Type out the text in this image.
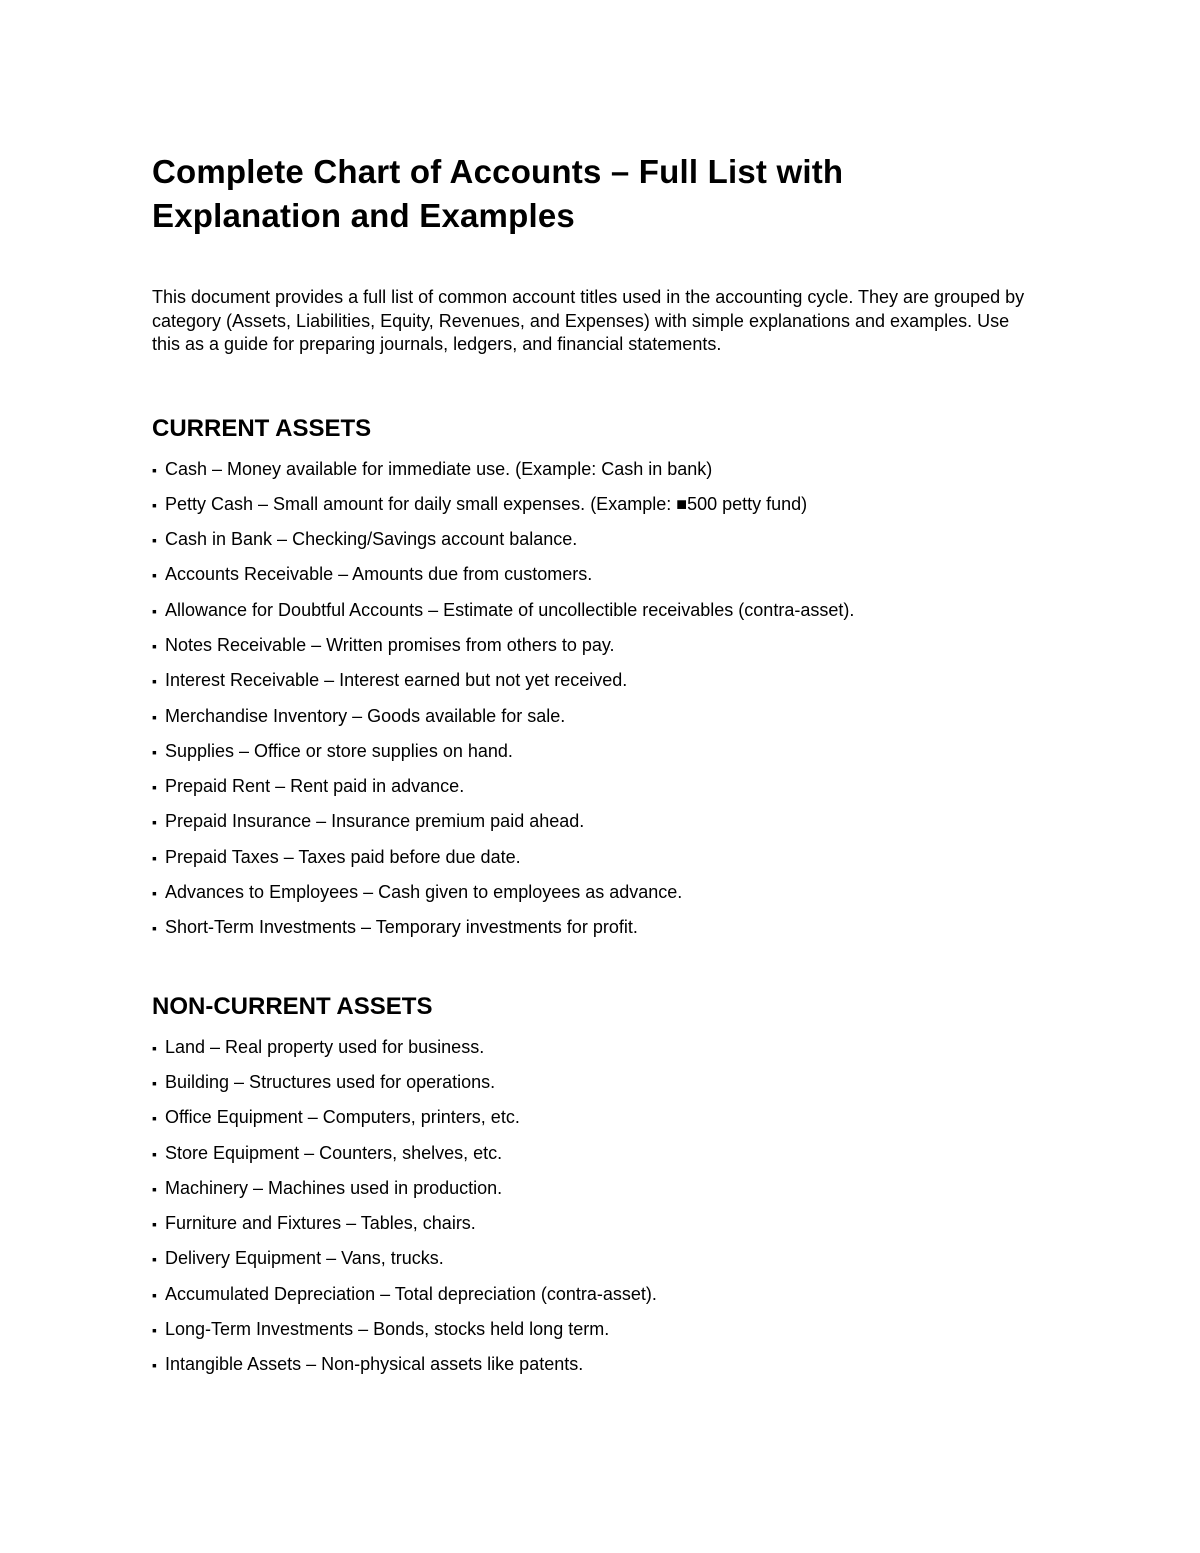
Complete Chart of Accounts – Full List with
Explanation and Examples

This document provides a full list of common account titles used in the accounting cycle. They are grouped by category (Assets, Liabilities, Equity, Revenues, and Expenses) with simple explanations and examples. Use this as a guide for preparing journals, ledgers, and financial statements.

CURRENT ASSETS
▪ Cash – Money available for immediate use. (Example: Cash in bank)
▪ Petty Cash – Small amount for daily small expenses. (Example: ■500 petty fund)
▪ Cash in Bank – Checking/Savings account balance.
▪ Accounts Receivable – Amounts due from customers.
▪ Allowance for Doubtful Accounts – Estimate of uncollectible receivables (contra-asset).
▪ Notes Receivable – Written promises from others to pay.
▪ Interest Receivable – Interest earned but not yet received.
▪ Merchandise Inventory – Goods available for sale.
▪ Supplies – Office or store supplies on hand.
▪ Prepaid Rent – Rent paid in advance.
▪ Prepaid Insurance – Insurance premium paid ahead.
▪ Prepaid Taxes – Taxes paid before due date.
▪ Advances to Employees – Cash given to employees as advance.
▪ Short-Term Investments – Temporary investments for profit.
NON-CURRENT ASSETS
▪ Land – Real property used for business.
▪ Building – Structures used for operations.
▪ Office Equipment – Computers, printers, etc.
▪ Store Equipment – Counters, shelves, etc.
▪ Machinery – Machines used in production.
▪ Furniture and Fixtures – Tables, chairs.
▪ Delivery Equipment – Vans, trucks.
▪ Accumulated Depreciation – Total depreciation (contra-asset).
▪ Long-Term Investments – Bonds, stocks held long term.
▪ Intangible Assets – Non-physical assets like patents.
